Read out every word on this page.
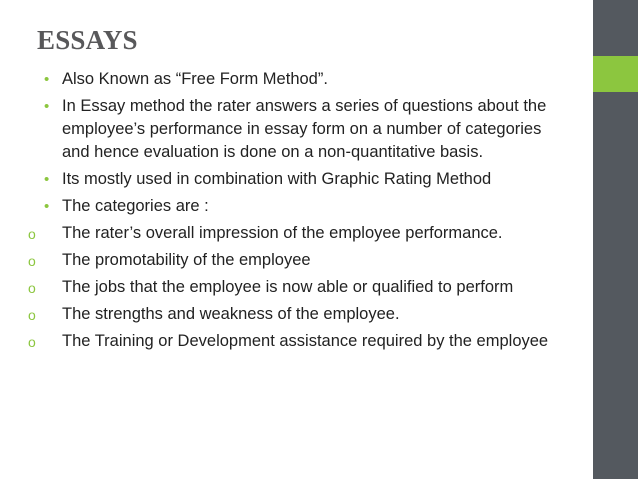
ESSAYS
• Also Known as “Free Form Method”.
• In Essay method the rater answers a series of questions about the employee’s performance in essay form on a number of categories and hence evaluation is done on a non-quantitative basis.
• Its mostly used in combination with Graphic Rating Method
• The categories are :
o	The rater’s overall impression of the employee performance.
o	The promotability of the employee
o	The jobs that the employee is now able or qualified to perform
o	The strengths and weakness of the employee.
o	The Training or Development assistance required by the employee
